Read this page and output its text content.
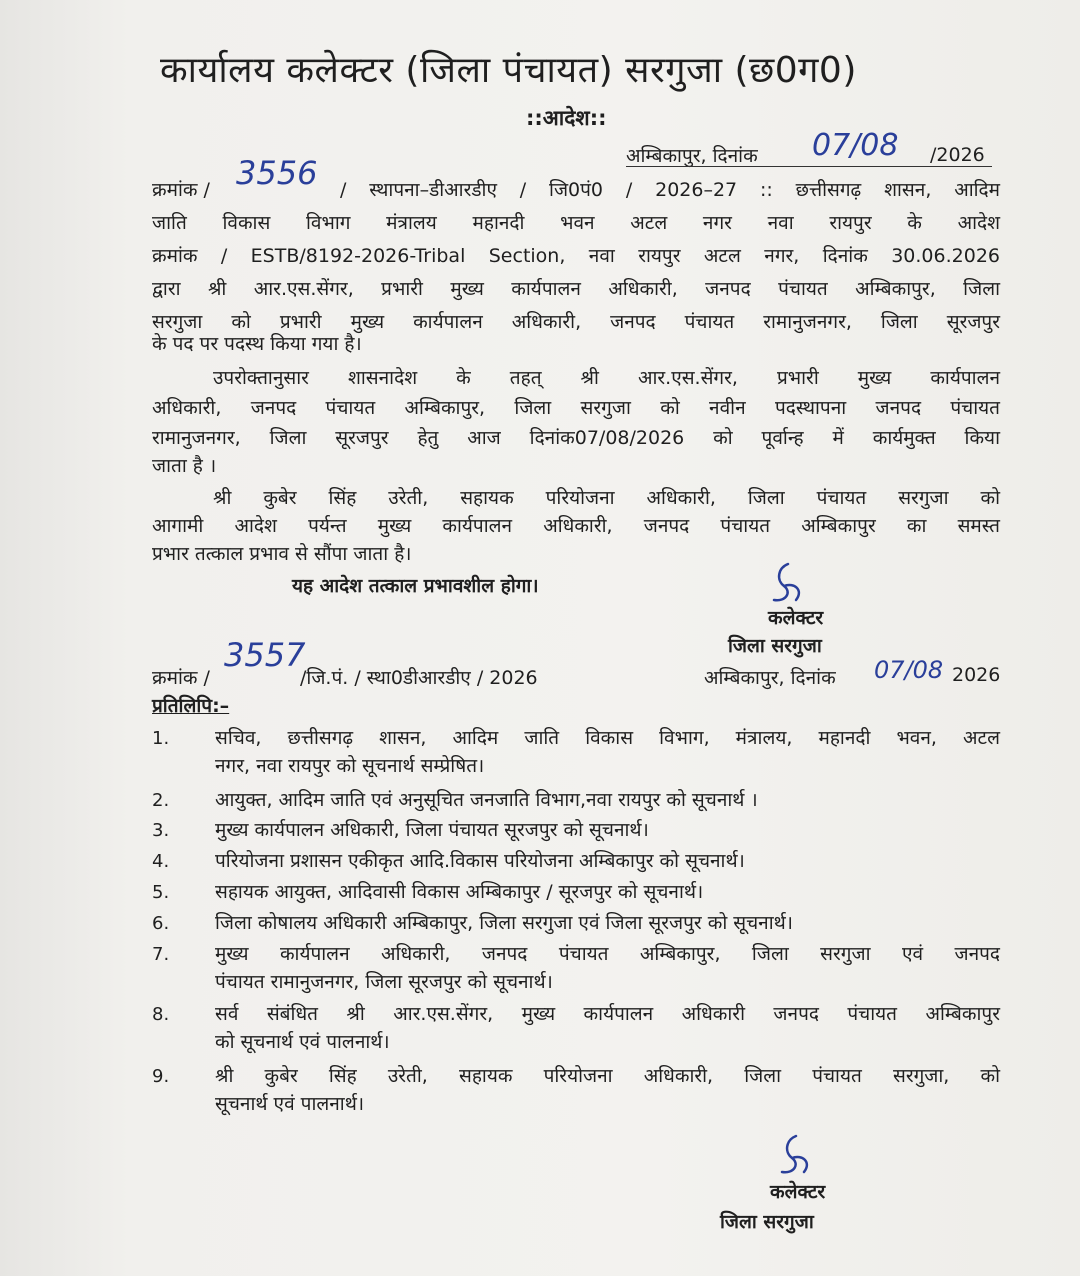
कार्यालय कलेक्टर (जिला पंचायत) सरगुजा (छ0ग0)
::आदेश::
अम्बिकापुर, दिनांक 07/08 /2026
क्रमांक / 3556 / स्थापना–डीआरडीए / जि0पं0 / 2026–27 :: छत्तीसगढ़ शासन, आदिम
जाति विकास विभाग मंत्रालय महानदी भवन अटल नगर नवा रायपुर के आदेश
क्रमांक / ESTB/8192-2026-Tribal Section, नवा रायपुर अटल नगर, दिनांक 30.06.2026
द्वारा श्री आर.एस.सेंगर, प्रभारी मुख्य कार्यपालन अधिकारी, जनपद पंचायत अम्बिकापुर, जिला
सरगुजा को प्रभारी मुख्य कार्यपालन अधिकारी, जनपद पंचायत रामानुजनगर, जिला सूरजपुर
के पद पर पदस्थ किया गया है।
उपरोक्तानुसार शासनादेश के तहत् श्री आर.एस.सेंगर, प्रभारी मुख्य कार्यपालन
अधिकारी, जनपद पंचायत अम्बिकापुर, जिला सरगुजा को नवीन पदस्थापना जनपद पंचायत
रामानुजनगर, जिला सूरजपुर हेतु आज दिनांक07/08/2026 को पूर्वान्ह में कार्यमुक्त किया
जाता है ।
श्री कुबेर सिंह उरेती, सहायक परियोजना अधिकारी, जिला पंचायत सरगुजा को
आगामी आदेश पर्यन्त मुख्य कार्यपालन अधिकारी, जनपद पंचायत अम्बिकापुर का समस्त
प्रभार तत्काल प्रभाव से सौंपा जाता है।
यह आदेश तत्काल प्रभावशील होगा।
कलेक्टर
जिला सरगुजा
क्रमांक /
3557
/जि.पं. / स्था0डीआरडीए / 2026	अम्बिकापुर, दिनांक 07/08 2026
प्रतिलिपि:–
1. सचिव, छत्तीसगढ़ शासन, आदिम जाति विकास विभाग, मंत्रालय, महानदी भवन, अटल
नगर, नवा रायपुर को सूचनार्थ सम्प्रेषित।
2. आयुक्त, आदिम जाति एवं अनुसूचित जनजाति विभाग,नवा रायपुर को सूचनार्थ ।
3. मुख्य कार्यपालन अधिकारी, जिला पंचायत सूरजपुर को सूचनार्थ।
4. परियोजना प्रशासन एकीकृत आदि.विकास परियोजना अम्बिकापुर को सूचनार्थ।
5. सहायक आयुक्त, आदिवासी विकास अम्बिकापुर / सूरजपुर को सूचनार्थ।
6. जिला कोषालय अधिकारी अम्बिकापुर, जिला सरगुजा एवं जिला सूरजपुर को सूचनार्थ।
7. मुख्य कार्यपालन अधिकारी, जनपद पंचायत अम्बिकापुर, जिला सरगुजा एवं जनपद
पंचायत रामानुजनगर, जिला सूरजपुर को सूचनार्थ।
8. सर्व संबंधित श्री आर.एस.सेंगर, मुख्य कार्यपालन अधिकारी जनपद पंचायत अम्बिकापुर
को सूचनार्थ एवं पालनार्थ।
9. श्री कुबेर सिंह उरेती, सहायक परियोजना अधिकारी, जिला पंचायत सरगुजा, को
सूचनार्थ एवं पालनार्थ।
कलेक्टर
जिला सरगुजा
